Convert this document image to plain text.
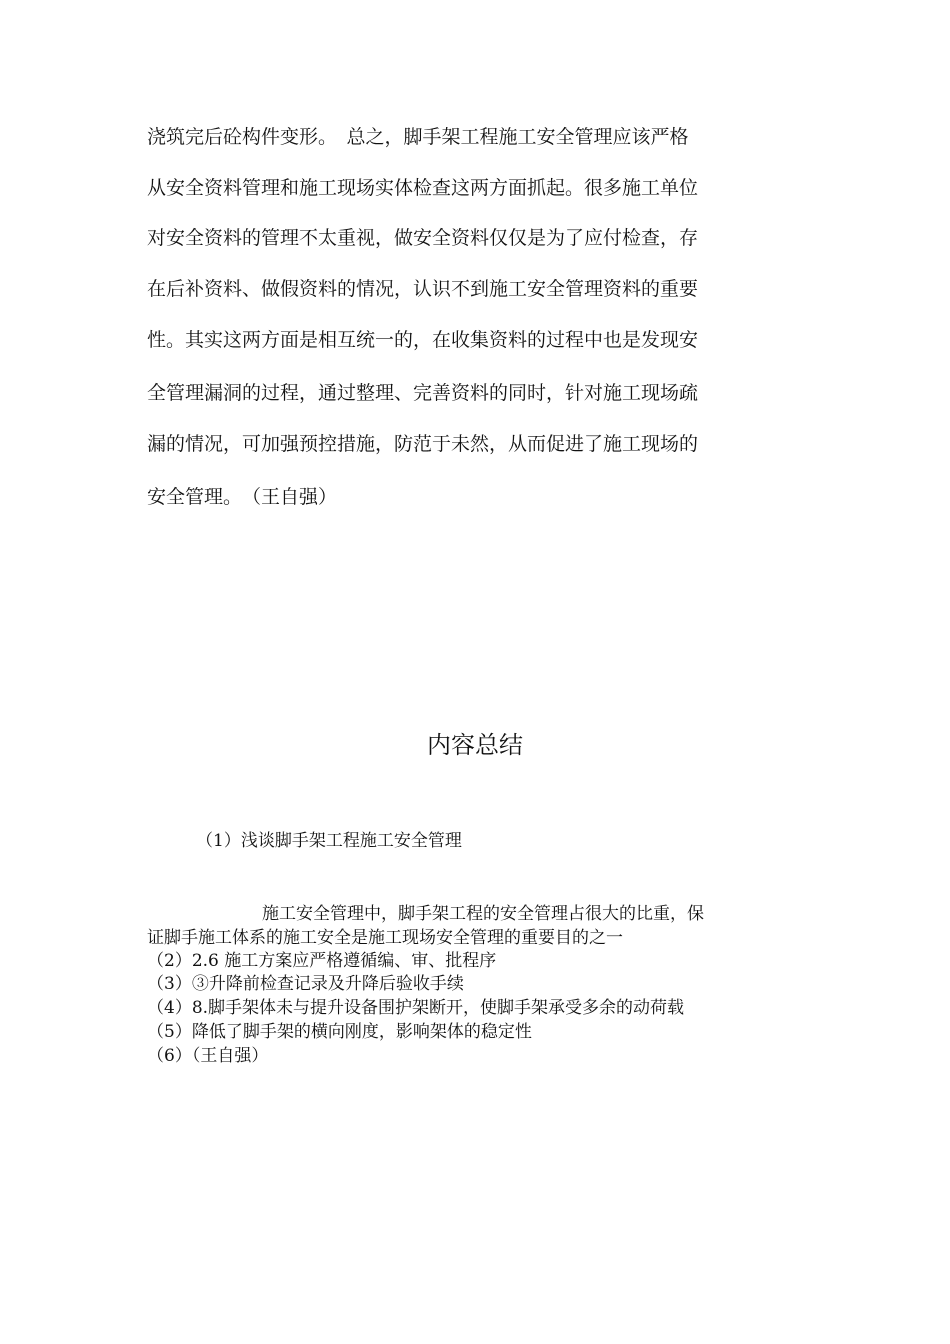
浇筑完后砼构件变形。　总之，脚手架工程施工安全管理应该严格
从安全资料管理和施工现场实体检查这两方面抓起。很多施工单位
对安全资料的管理不太重视，做安全资料仅仅是为了应付检查，存
在后补资料、做假资料的情况，认识不到施工安全管理资料的重要
性。其实这两方面是相互统一的，在收集资料的过程中也是发现安
全管理漏洞的过程，通过整理、完善资料的同时，针对施工现场疏
漏的情况，可加强预控措施，防范于未然，从而促进了施工现场的
安全管理。　（王自强）
内容总结
（1）浅谈脚手架工程施工安全管理
施工安全管理中，脚手架工程的安全管理占很大的比重，保
证脚手施工体系的施工安全是施工现场安全管理的重要目的之一
（2）2.6 施工方案应严格遵循编、审、批程序
（3）③升降前检查记录及升降后验收手续
（4）8.脚手架体未与提升设备围护架断开，使脚手架承受多余的动荷载
（5）降低了脚手架的横向刚度，影响架体的稳定性
（6）（王自强）
